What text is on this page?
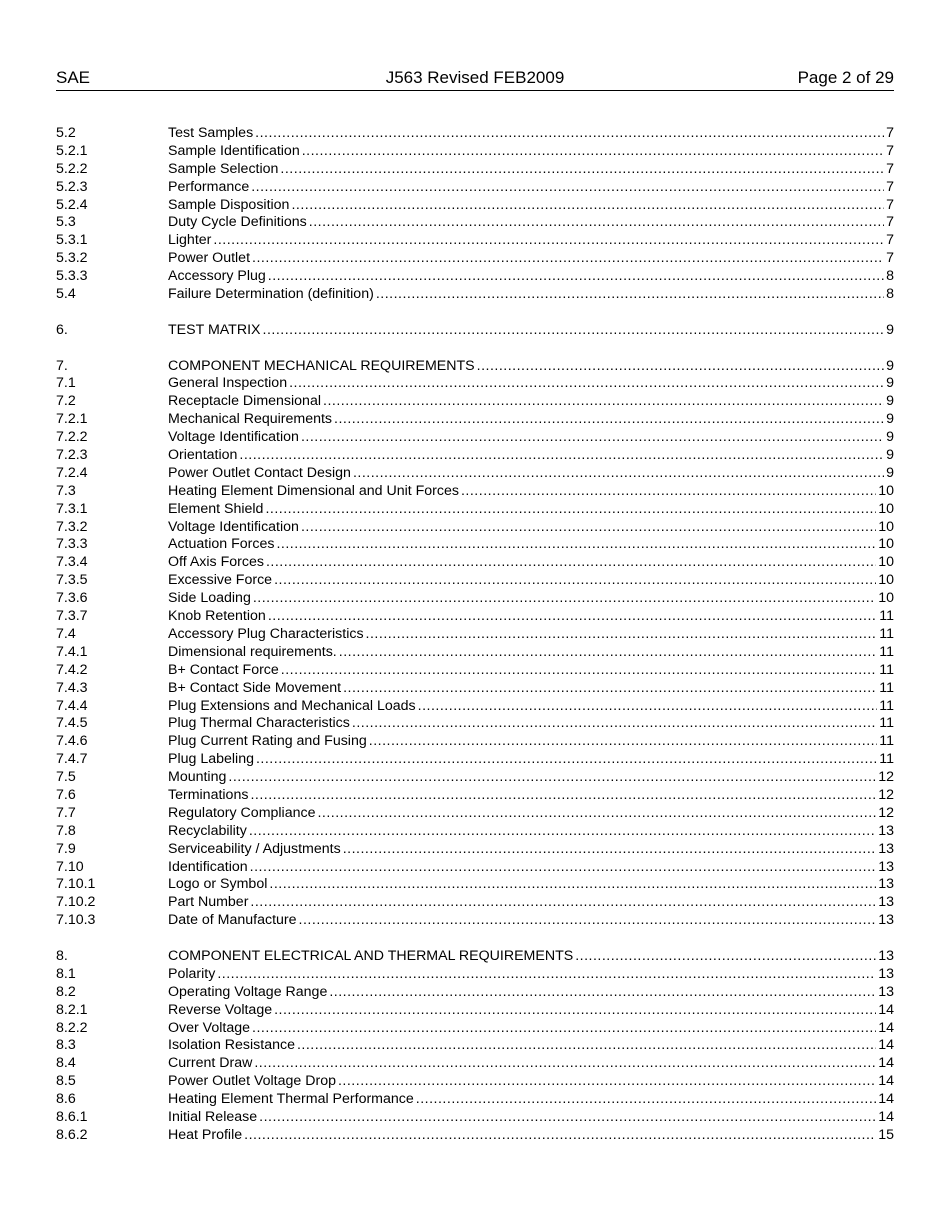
SAE	J563 Revised FEB2009	Page 2 of 29
5.2	Test Samples .....	7
5.2.1	Sample Identification .....	7
5.2.2	Sample Selection .....	7
5.2.3	Performance .....	7
5.2.4	Sample Disposition .....	7
5.3	Duty Cycle Definitions .....	7
5.3.1	Lighter .....	7
5.3.2	Power Outlet .....	7
5.3.3	Accessory Plug .....	8
5.4	Failure Determination (definition) .....	8
6.	TEST MATRIX .....	9
7.	COMPONENT MECHANICAL REQUIREMENTS .....	9
7.1	General Inspection .....	9
7.2	Receptacle Dimensional .....	9
7.2.1	Mechanical Requirements .....	9
7.2.2	Voltage Identification .....	9
7.2.3	Orientation .....	9
7.2.4	Power Outlet Contact Design .....	9
7.3	Heating Element Dimensional and Unit Forces .....	10
7.3.1	Element Shield .....	10
7.3.2	Voltage Identification .....	10
7.3.3	Actuation Forces .....	10
7.3.4	Off Axis Forces .....	10
7.3.5	Excessive Force .....	10
7.3.6	Side Loading .....	10
7.3.7	Knob Retention .....	11
7.4	Accessory Plug Characteristics .....	11
7.4.1	Dimensional requirements. .....	11
7.4.2	B+ Contact Force .....	11
7.4.3	B+ Contact Side Movement .....	11
7.4.4	Plug Extensions and Mechanical Loads .....	11
7.4.5	Plug Thermal Characteristics .....	11
7.4.6	Plug Current Rating and Fusing .....	11
7.4.7	Plug Labeling .....	11
7.5	Mounting .....	12
7.6	Terminations .....	12
7.7	Regulatory Compliance .....	12
7.8	Recyclability .....	13
7.9	Serviceability / Adjustments .....	13
7.10	Identification .....	13
7.10.1	Logo or Symbol .....	13
7.10.2	Part Number .....	13
7.10.3	Date of Manufacture .....	13
8.	COMPONENT ELECTRICAL AND THERMAL REQUIREMENTS .....	13
8.1	Polarity .....	13
8.2	Operating Voltage Range .....	13
8.2.1	Reverse Voltage .....	14
8.2.2	Over Voltage .....	14
8.3	Isolation Resistance .....	14
8.4	Current Draw .....	14
8.5	Power Outlet Voltage Drop .....	14
8.6	Heating Element Thermal Performance .....	14
8.6.1	Initial Release .....	14
8.6.2	Heat Profile .....	15
